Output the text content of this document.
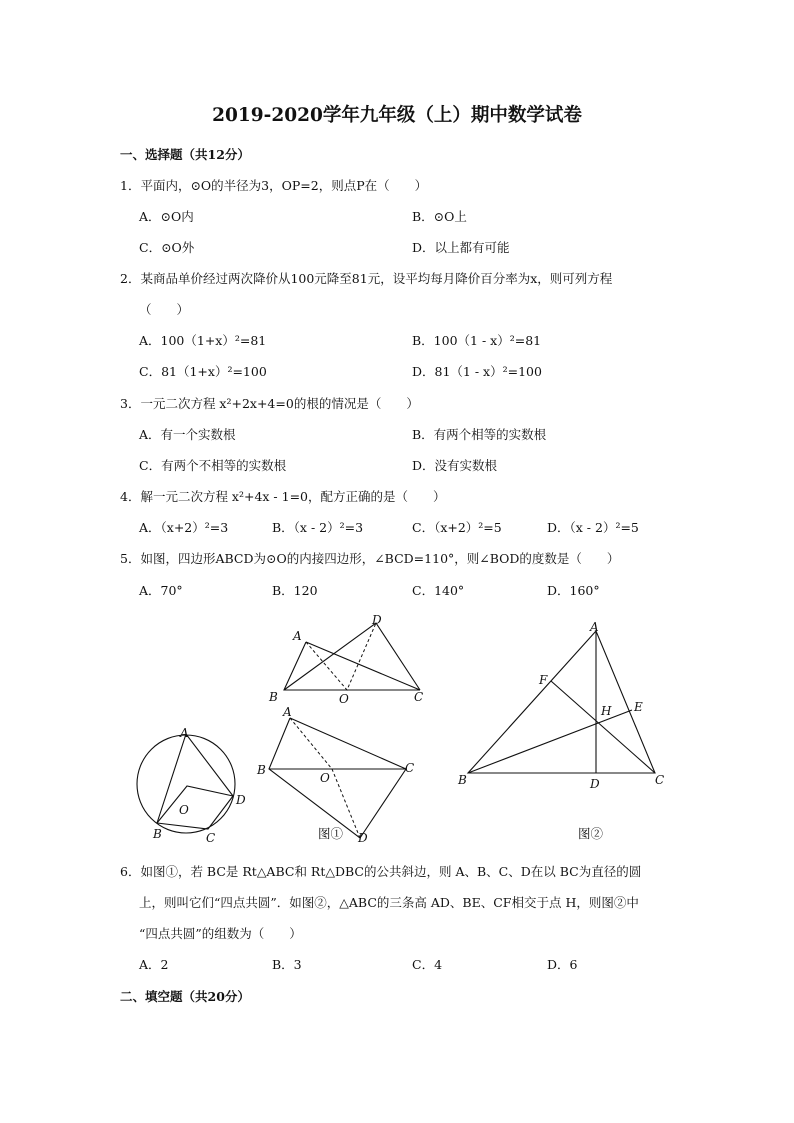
2019-2020学年九年级（上）期中数学试卷
一、选择题（共12分）
1．平面内，⊙O的半径为3，OP=2，则点P在（　　）
A．⊙O内	B．⊙O上
C．⊙O外	D．以上都有可能
2．某商品单价经过两次降价从100元降至81元，设平均每月降价百分率为x，则可列方程
（　　）
A．100（1+x）²=81	B．100（1 - x）²=81
C．81（1+x）²=100	D．81（1 - x）²=100
3．一元二次方程 x²+2x+4=0的根的情况是（　　）
A．有一个实数根	B．有两个相等的实数根
C．有两个不相等的实数根	D．没有实数根
4．解一元二次方程 x²+4x - 1=0，配方正确的是（　　）
A．（x+2）²=3	B．（x - 2）²=3	C．（x+2）²=5	D．（x - 2）²=5
5．如图，四边形ABCD为⊙O的内接四边形，∠BCD=110°，则∠BOD的度数是（　　）
A．70°	B．120	C．140°	D．160°
A
O
D
B	C
A
D
B	O	C
A
B
O
C
D
图①
A
F
H E
B	D	C
图②
6．如图①，若 BC是 Rt△ABC和 Rt△DBC的公共斜边，则 A、B、C、D在以 BC为直径的圆
上，则叫它们“四点共圆”．如图②，△ABC的三条高 AD、BE、CF相交于点 H，则图②中
“四点共圆”的组数为（　　）
A．2	B．3	C．4	D．6
二、填空题（共20分）
